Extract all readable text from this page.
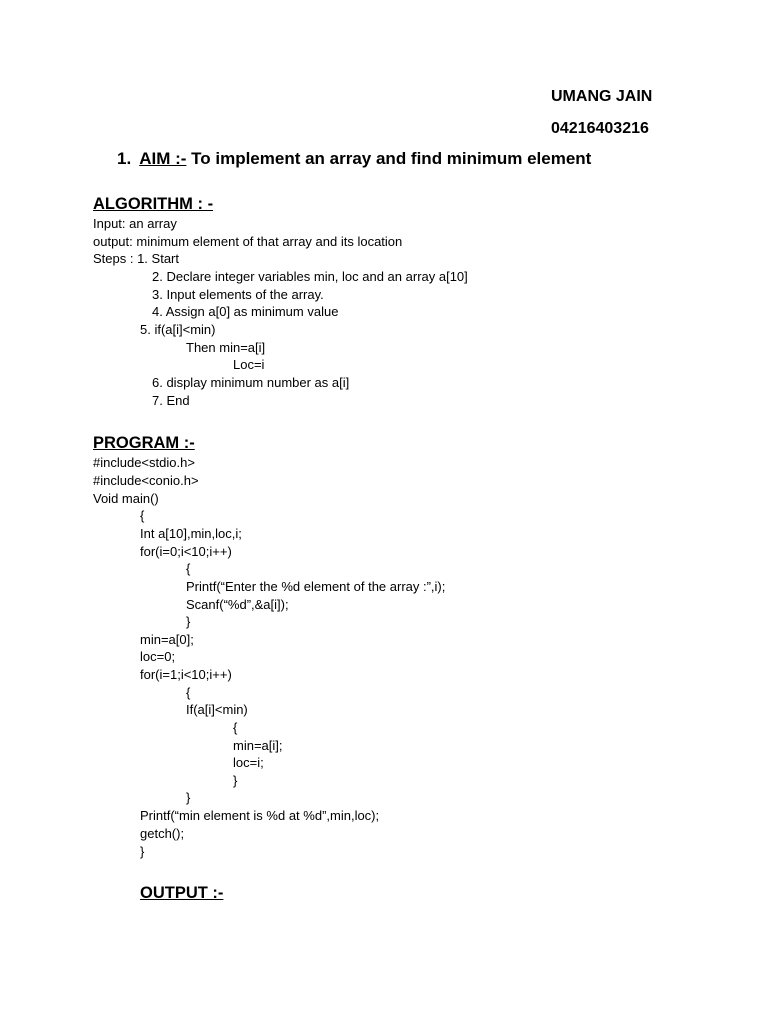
UMANG JAIN
04216403216
1. AIM :- To implement an array and find minimum element
ALGORITHM : -
Input: an array
output: minimum element of that array and its location
Steps : 1. Start
2. Declare integer variables min, loc and an array a[10]
3. Input elements of the array.
4. Assign a[0] as minimum value
5. if(a[i]<min)
Then min=a[i]
Loc=i
6. display minimum number as a[i]
7. End
PROGRAM :-
#include<stdio.h>
#include<conio.h>
Void main()
{
Int a[10],min,loc,i;
for(i=0;i<10;i++)
{
Printf(“Enter the %d element of the array :”,i);
Scanf(“%d”,&a[i]);
}
min=a[0];
loc=0;
for(i=1;i<10;i++)
{
If(a[i]<min)
{
min=a[i];
loc=i;
}
}
Printf(“min element is %d at %d”,min,loc);
getch();
}
OUTPUT :-
